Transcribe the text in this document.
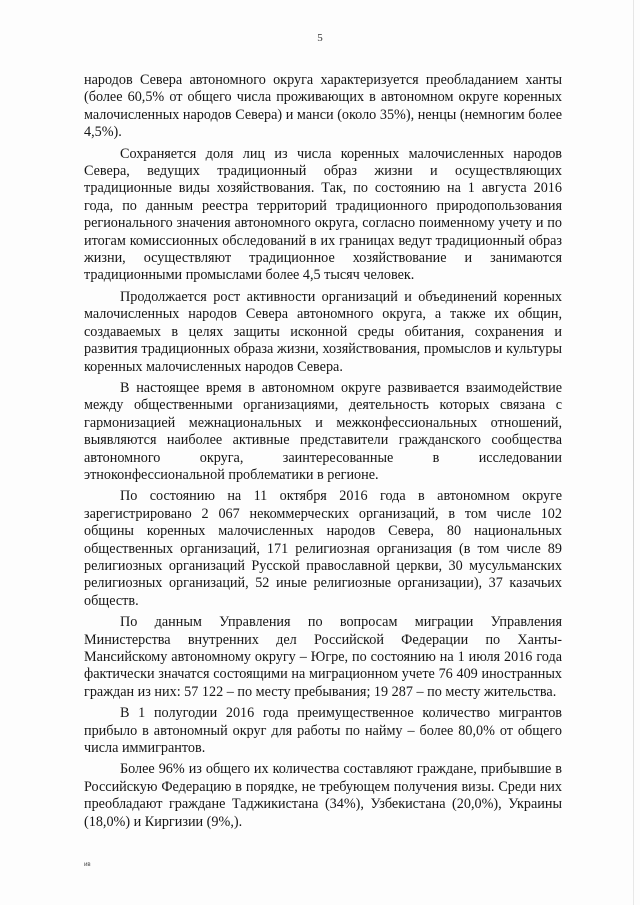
5

народов Севера автономного округа характеризуется преобладанием ханты (более 60,5% от общего числа проживающих в автономном округе коренных малочисленных народов Севера) и манси (около 35%), ненцы (немногим более 4,5%).

Сохраняется доля лиц из числа коренных малочисленных народов Севера, ведущих традиционный образ жизни и осуществляющих традиционные виды хозяйствования. Так, по состоянию на 1 августа 2016 года, по данным реестра территорий традиционного природопользования регионального значения автономного округа, согласно поименному учету и по итогам комиссионных обследований в их границах ведут традиционный образ жизни, осуществляют традиционное хозяйствование и занимаются традиционными промыслами более 4,5 тысяч человек.

Продолжается рост активности организаций и объединений коренных малочисленных народов Севера автономного округа, а также их общин, создаваемых в целях защиты исконной среды обитания, сохранения и развития традиционных образа жизни, хозяйствования, промыслов и культуры коренных малочисленных народов Севера.

В настоящее время в автономном округе развивается взаимодействие между общественными организациями, деятельность которых связана с гармонизацией межнациональных и межконфессиональных отношений, выявляются наиболее активные представители гражданского сообщества автономного округа, заинтересованные в исследовании этноконфессиональной проблематики в регионе.

По состоянию на 11 октября 2016 года в автономном округе зарегистрировано 2 067 некоммерческих организаций, в том числе 102 общины коренных малочисленных народов Севера, 80 национальных общественных организаций, 171 религиозная организация (в том числе 89 религиозных организаций Русской православной церкви, 30 мусульманских религиозных организаций, 52 иные религиозные организации), 37 казачьих обществ.

По данным Управления по вопросам миграции Управления Министерства внутренних дел Российской Федерации по Ханты-Мансийскому автономному округу – Югре, по состоянию на 1 июля 2016 года фактически значатся состоящими на миграционном учете 76 409 иностранных граждан из них: 57 122 – по месту пребывания; 19 287 – по месту жительства.

В 1 полугодии 2016 года преимущественное количество мигрантов прибыло в автономный округ для работы по найму – более 80,0% от общего числа иммигрантов.

Более 96% из общего их количества составляют граждане, прибывшие в Российскую Федерацию в порядке, не требующем получения визы. Среди них преобладают граждане Таджикистана (34%), Узбекистана (20,0%), Украины (18,0%) и Киргизии (9%,).

ив
